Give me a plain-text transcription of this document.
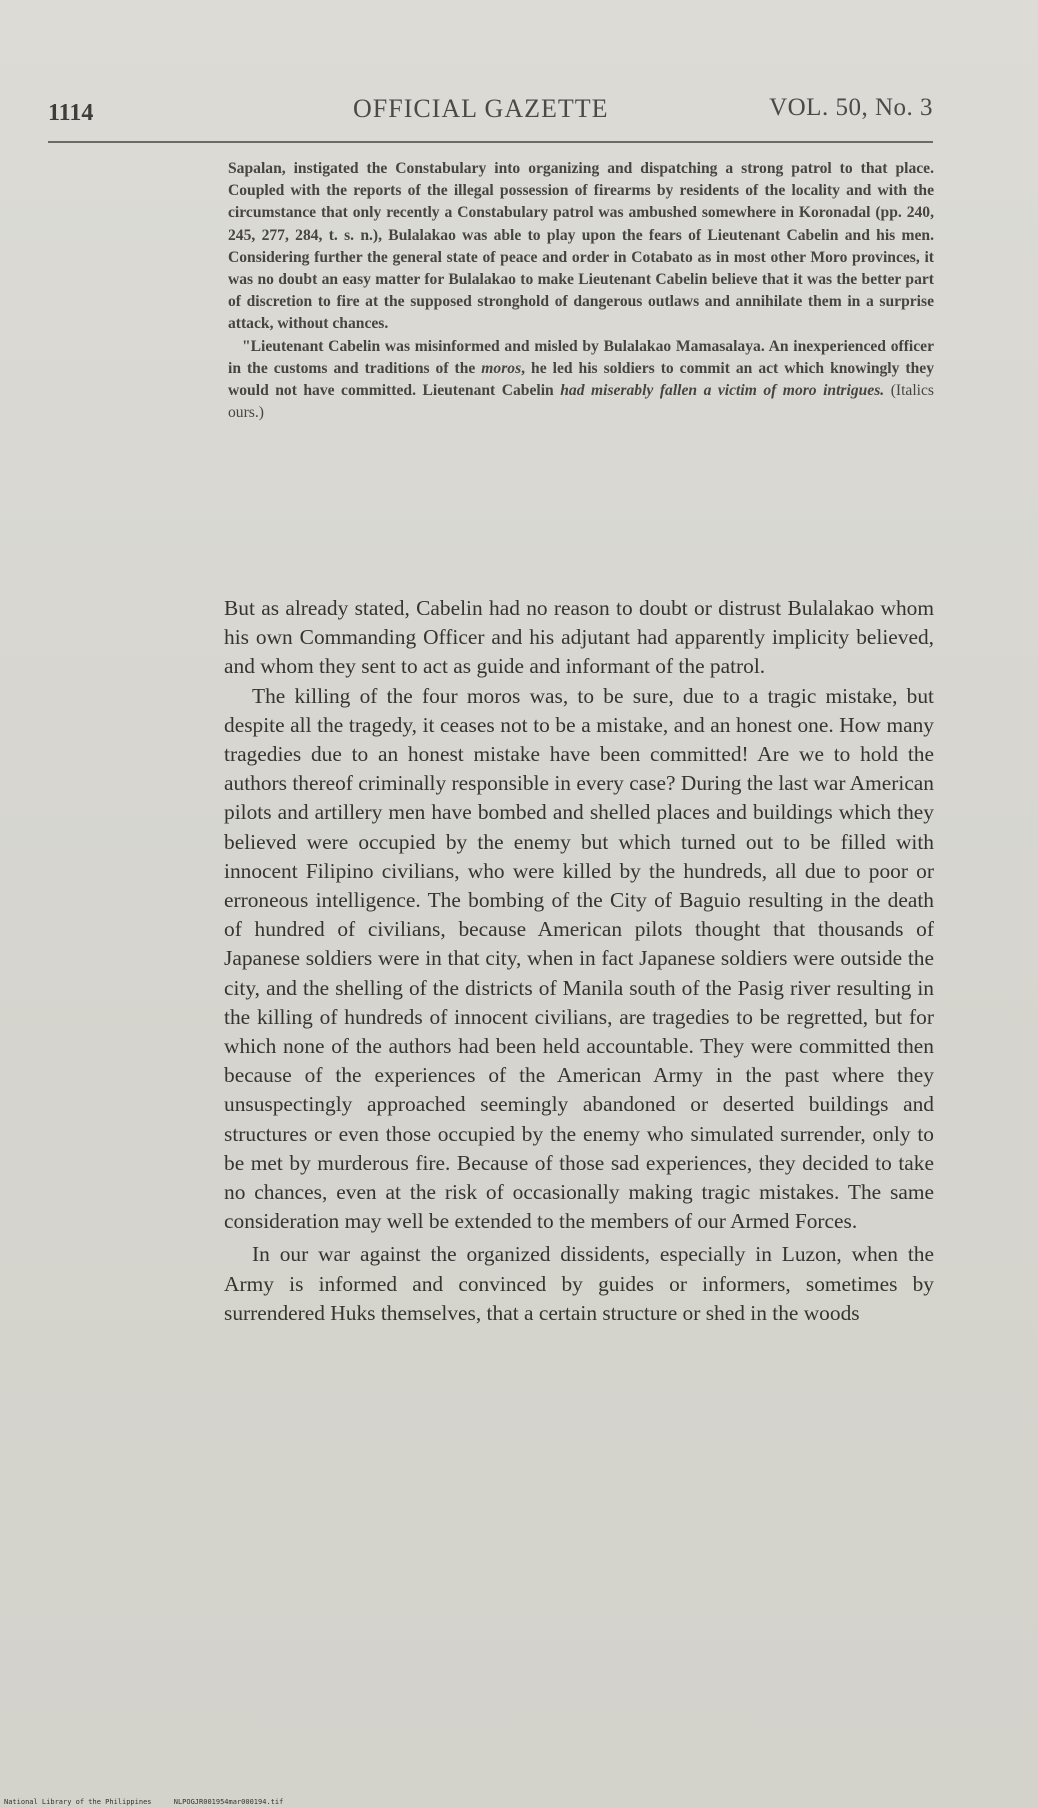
1114	OFFICIAL GAZETTE	VOL. 50, No. 3

Sapalan, instigated the Constabulary into organizing and dispatching a strong patrol to that place. Coupled with the reports of the illegal possession of firearms by residents of the locality and with the circumstance that only recently a Constabulary patrol was ambushed somewhere in Koronadal (pp. 240, 245, 277, 284, t. s. n.), Bulalakao was able to play upon the fears of Lieutenant Cabelin and his men. Considering further the general state of peace and order in Cotabato as in most other Moro provinces, it was no doubt an easy matter for Bulalakao to make Lieutenant Cabelin believe that it was the better part of discretion to fire at the supposed stronghold of dangerous outlaws and annihilate them in a surprise attack, without chances.

"Lieutenant Cabelin was misinformed and misled by Bulalakao Mamasalaya. An inexperienced officer in the customs and traditions of the moros, he led his soldiers to commit an act which knowingly they would not have committed. Lieutenant Cabelin had miserably fallen a victim of moro intrigues. (Italics ours.)

But as already stated, Cabelin had no reason to doubt or distrust Bulalakao whom his own Commanding Officer and his adjutant had apparently implicity believed, and whom they sent to act as guide and informant of the patrol.

The killing of the four moros was, to be sure, due to a tragic mistake, but despite all the tragedy, it ceases not to be a mistake, and an honest one. How many tragedies due to an honest mistake have been committed! Are we to hold the authors thereof criminally responsible in every case? During the last war American pilots and artillery men have bombed and shelled places and buildings which they believed were occupied by the enemy but which turned out to be filled with innocent Filipino civilians, who were killed by the hundreds, all due to poor or erroneous intelligence. The bombing of the City of Baguio resulting in the death of hundred of civilians, because American pilots thought that thousands of Japanese soldiers were in that city, when in fact Japanese soldiers were outside the city, and the shelling of the districts of Manila south of the Pasig river resulting in the killing of hundreds of innocent civilians, are tragedies to be regretted, but for which none of the authors had been held accountable. They were committed then because of the experiences of the American Army in the past where they unsuspectingly approached seemingly abandoned or deserted buildings and structures or even those occupied by the enemy who simulated surrender, only to be met by murderous fire. Because of those sad experiences, they decided to take no chances, even at the risk of occasionally making tragic mistakes. The same consideration may well be extended to the members of our Armed Forces.

In our war against the organized dissidents, especially in Luzon, when the Army is informed and convinced by guides or informers, sometimes by surrendered Huks themselves, that a certain structure or shed in the woods

National Library of the Philippines	NLPOGJR001954mar000194.tif
